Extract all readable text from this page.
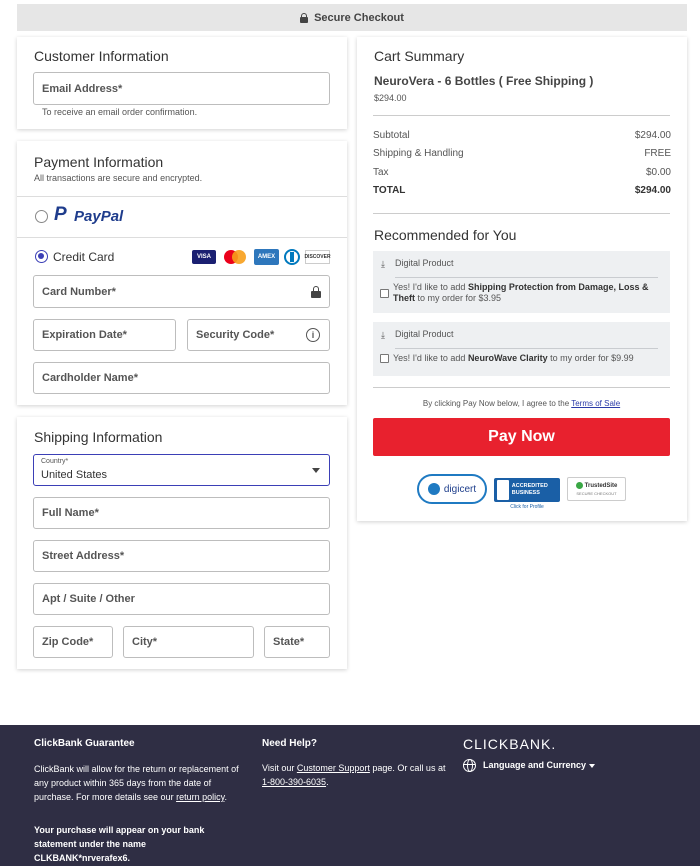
Secure Checkout
Customer Information
Email Address*
To receive an email order confirmation.
Payment Information
All transactions are secure and encrypted.
P PayPal
Credit Card	VISA	AMEX	DISCOVER
Card Number*
Expiration Date*	Security Code*	i
Cardholder Name*
Shipping Information
Country*
United States
Full Name*
Street Address*
Apt / Suite / Other
Zip Code*	City*	State*
Cart Summary
NeuroVera - 6 Bottles ( Free Shipping )
$294.00
Subtotal	$294.00
Shipping & Handling	FREE
Tax	$0.00
TOTAL	$294.00
Recommended for You
⤓ Digital Product
Yes! I'd like to add Shipping Protection from Damage, Loss & Theft to my order for $3.95
⤓ Digital Product
Yes! I'd like to add NeuroWave Clarity to my order for $9.99
By clicking Pay Now below, I agree to the Terms of Sale
Pay Now
digicert	ACCREDITED BUSINESS
Click for Profile
TrustedSite
SECURE CHECKOUT
ClickBank Guarantee
ClickBank will allow for the return or replacement of any product within 365 days from the date of purchase. For more details see our return policy.
Your purchase will appear on your bank statement under the name CLKBANK*nrverafex6.
Need Help?
Visit our Customer Support page. Or call us at 1-800-390-6035.
CLICKBANK.
Language and Currency
